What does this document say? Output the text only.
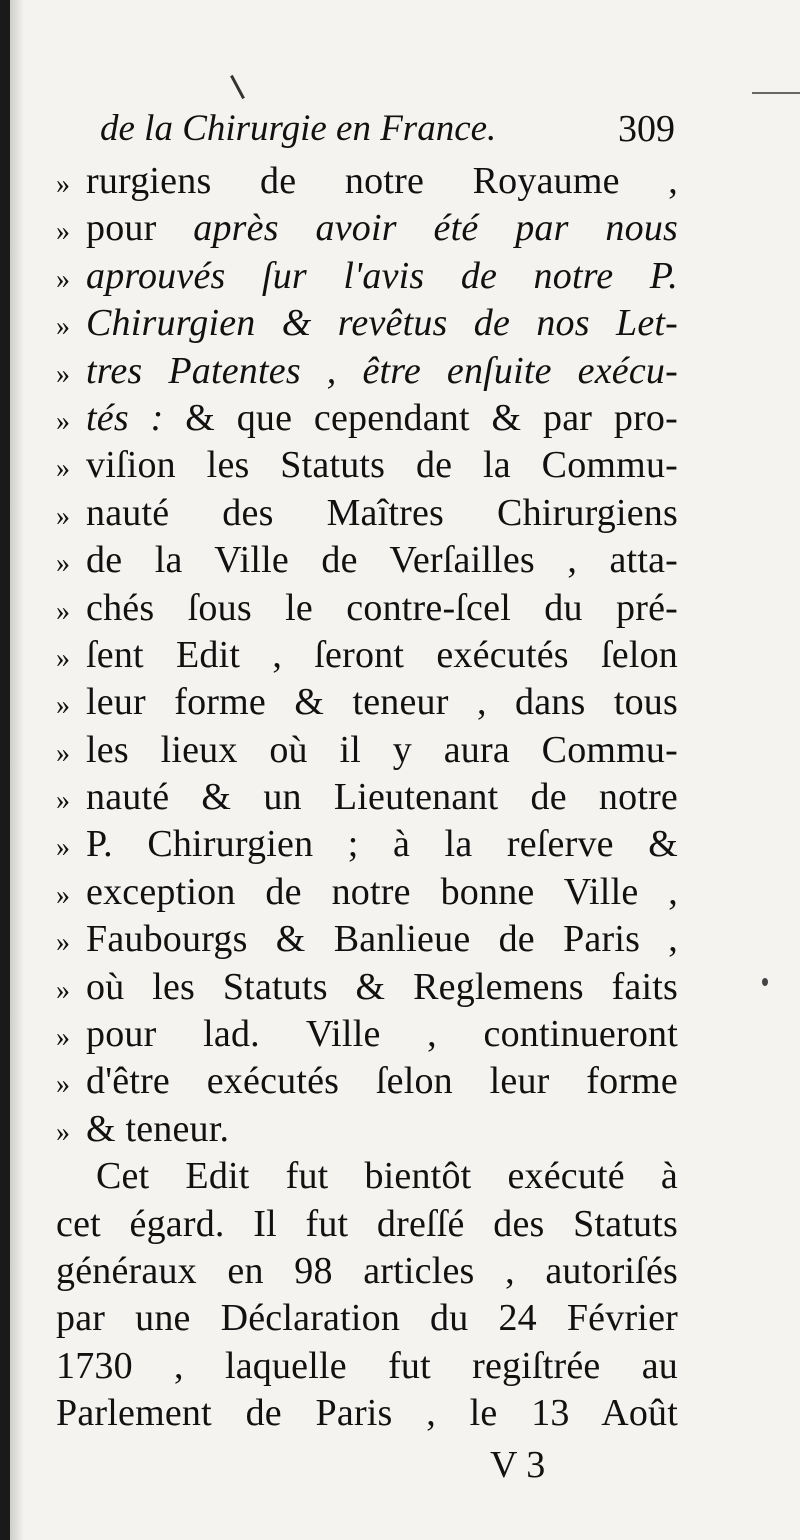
de la Chirurgie en France.	309
» rurgiens de notre Royaume ,
» pour après avoir été par nous
» aprouvés ſur l'avis de notre P.
» Chirurgien & revêtus de nos Let-
» tres Patentes , être enſuite exécu-
» tés : & que cependant & par pro-
» viſion les Statuts de la Commu-
» nauté des Maîtres Chirurgiens
» de la Ville de Verſailles , atta-
» chés ſous le contre-ſcel du pré-
» ſent Edit , ſeront exécutés ſelon
» leur forme & teneur , dans tous
» les lieux où il y aura Commu-
» nauté & un Lieutenant de notre
» P. Chirurgien ; à la reſerve &
» exception de notre bonne Ville ,
» Faubourgs & Banlieue de Paris ,
» où les Statuts & Reglemens faits
» pour lad. Ville , continueront
» d'être exécutés ſelon leur forme
» & teneur.
Cet Edit fut bientôt exécuté à
cet égard. Il fut dreſſé des Statuts
généraux en 98 articles , autoriſés
par une Déclaration du 24 Février
1730 , laquelle fut regiſtrée au
Parlement de Paris , le 13 Août
V 3
